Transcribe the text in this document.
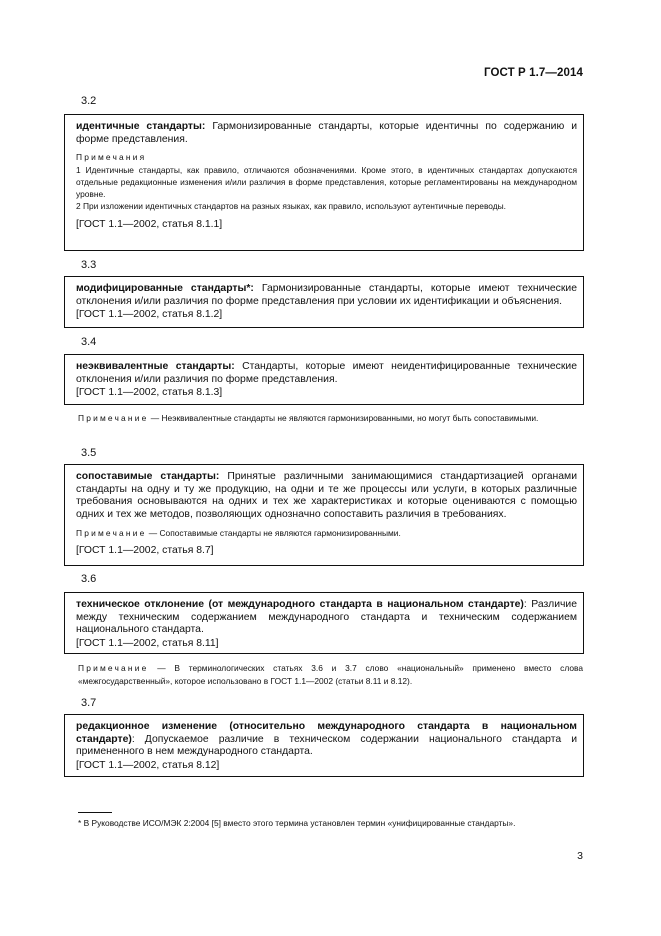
ГОСТ Р 1.7—2014
3.2

идентичные стандарты: Гармонизированные стандарты, которые идентичны по содержанию и форме представления.

Примечания

1 Идентичные стандарты, как правило, отличаются обозначениями. Кроме этого, в идентичных стандартах допускаются отдельные редакционные изменения и/или различия в форме представления, которые регламентированы на международном уровне.

2 При изложении идентичных стандартов на разных языках, как правило, используют аутентичные переводы.

[ГОСТ 1.1—2002, статья 8.1.1]

3.3

модифицированные стандарты*: Гармонизированные стандарты, которые имеют технические отклонения и/или различия по форме представления при условии их идентификации и объяснения.

[ГОСТ 1.1—2002, статья 8.1.2]

3.4

неэквивалентные стандарты: Стандарты, которые имеют неидентифицированные технические отклонения и/или различия по форме представления.

[ГОСТ 1.1—2002, статья 8.1.3]

Примечание — Неэквивалентные стандарты не являются гармонизированными, но могут быть сопоставимыми.
3.5

сопоставимые стандарты: Принятые различными занимающимися стандартизацией органами стандарты на одну и ту же продукцию, на одни и те же процессы или услуги, в которых различные требования основываются на одних и тех же характеристиках и которые оцениваются с помощью одних и тех же методов, позволяющих однозначно сопоставить различия в требованиях.

Примечание — Сопоставимые стандарты не являются гармонизированными.

[ГОСТ 1.1—2002, статья 8.7]

3.6

техническое отклонение (от международного стандарта в национальном стандарте): Различие между техническим содержанием международного стандарта и техническим содержанием национального стандарта.

[ГОСТ 1.1—2002, статья 8.11]

Примечание — В терминологических статьях 3.6 и 3.7 слово «национальный» применено вместо слова «межгосударственный», которое использовано в ГОСТ 1.1—2002 (статьи 8.11 и 8.12).
3.7

редакционное изменение (относительно международного стандарта в национальном стандарте): Допускаемое различие в техническом содержании национального стандарта и примененного в нем международного стандарта.

[ГОСТ 1.1—2002, статья 8.12]

* В Руководстве ИСО/МЭК 2:2004 [5] вместо этого термина установлен термин «унифицированные стандарты».
3
